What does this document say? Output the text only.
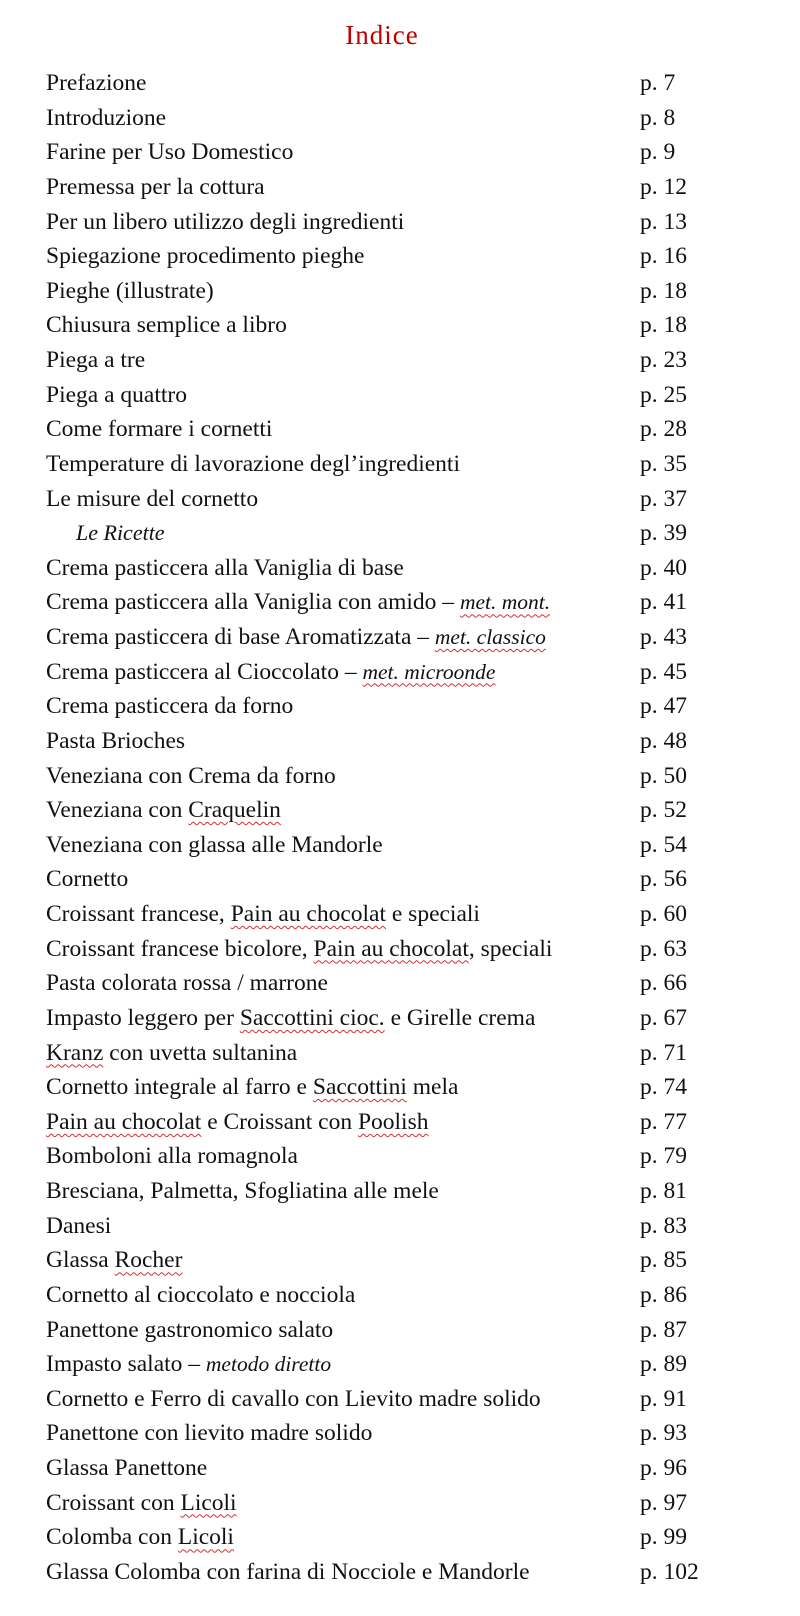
Indice
Prefazione	p. 7
Introduzione	p. 8
Farine per Uso Domestico	p. 9
Premessa per la cottura	p. 12
Per un libero utilizzo degli ingredienti	p. 13
Spiegazione procedimento pieghe	p. 16
Pieghe (illustrate)	p. 18
Chiusura semplice a libro	p. 18
Piega a tre	p. 23
Piega a quattro	p. 25
Come formare i cornetti	p. 28
Temperature di lavorazione degl’ingredienti	p. 35
Le misure del cornetto	p. 37
Le Ricette	p. 39
Crema pasticcera alla Vaniglia di base	p. 40
Crema pasticcera alla Vaniglia con amido – met. mont.	p. 41
Crema pasticcera di base Aromatizzata – met. classico	p. 43
Crema pasticcera al Cioccolato – met. microonde	p. 45
Crema pasticcera da forno	p. 47
Pasta Brioches	p. 48
Veneziana con Crema da forno	p. 50
Veneziana con Craquelin	p. 52
Veneziana con glassa alle Mandorle	p. 54
Cornetto	p. 56
Croissant francese, Pain au chocolat e speciali	p. 60
Croissant francese bicolore, Pain au chocolat, speciali	p. 63
Pasta colorata rossa / marrone	p. 66
Impasto leggero per Saccottini cioc. e Girelle crema	p. 67
Kranz con uvetta sultanina	p. 71
Cornetto integrale al farro e Saccottini mela	p. 74
Pain au chocolat e Croissant con Poolish	p. 77
Bomboloni alla romagnola	p. 79
Bresciana, Palmetta, Sfogliatina alle mele	p. 81
Danesi	p. 83
Glassa Rocher	p. 85
Cornetto al cioccolato e nocciola	p. 86
Panettone gastronomico salato	p. 87
Impasto salato – metodo diretto	p. 89
Cornetto e Ferro di cavallo con Lievito madre solido	p. 91
Panettone con lievito madre solido	p. 93
Glassa Panettone	p. 96
Croissant con Licoli	p. 97
Colomba con Licoli	p. 99
Glassa Colomba con farina di Nocciole e Mandorle	p. 102
